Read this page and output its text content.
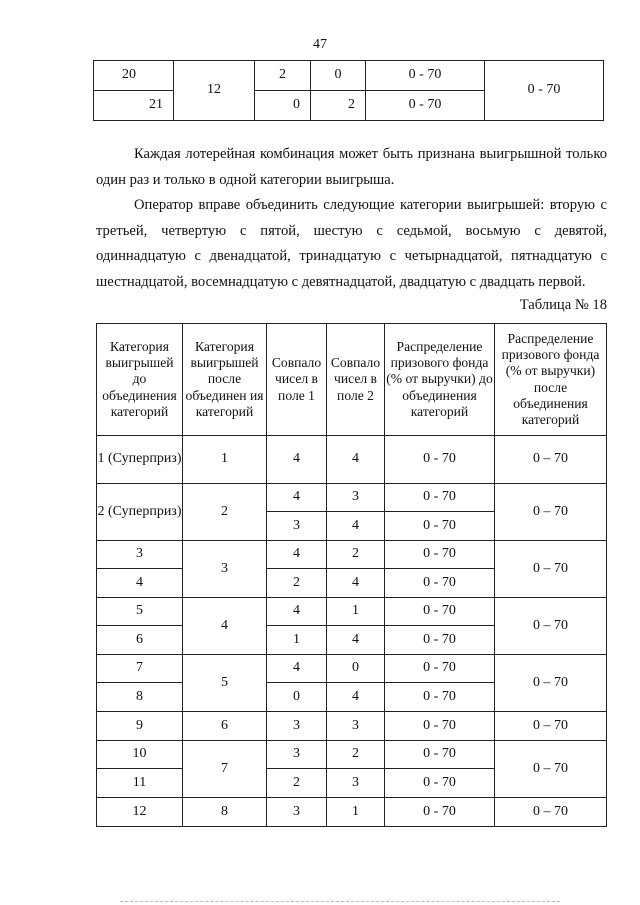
47
20	12	2	0	0 - 70	0 - 70
21		0	2	0 - 70	

Каждая лотерейная комбинация может быть признана выигрышной только один раз и только в одной категории выигрыша.

Оператор вправе объединить следующие категории выигрышей: вторую с третьей, четвертую с пятой, шестую с седьмой, восьмую с девятой, одиннадцатую с двенадцатой, тринадцатую с четырнадцатой, пятнадцатую с шестнадцатой, восемнадцатую с девятнадцатой, двадцатую с двадцать первой.

Таблица № 18
Категория выигрышей до объединения категорий	Категория выигрышей после объединен ия категорий	Совпало чисел в поле 1	Совпало чисел в поле 2	Распределение призового фонда (% от выручки) до объединения категорий	Распределение призового фонда (% от выручки) после объединения категорий
1 (Суперприз)	1	4	4	0 - 70	0 – 70
2 (Суперприз)	2	4	3	0 - 70	0 – 70
		3	4	0 - 70	
3	3	4	2	0 - 70	0 – 70
4		2	4	0 - 70	
5	4	4	1	0 - 70	0 – 70
6		1	4	0 - 70	
7	5	4	0	0 - 70	0 – 70
8		0	4	0 - 70	
9	6	3	3	0 - 70	0 – 70
10	7	3	2	0 - 70	0 – 70
11		2	3	0 - 70	
12	8	3	1	0 - 70	0 – 70
